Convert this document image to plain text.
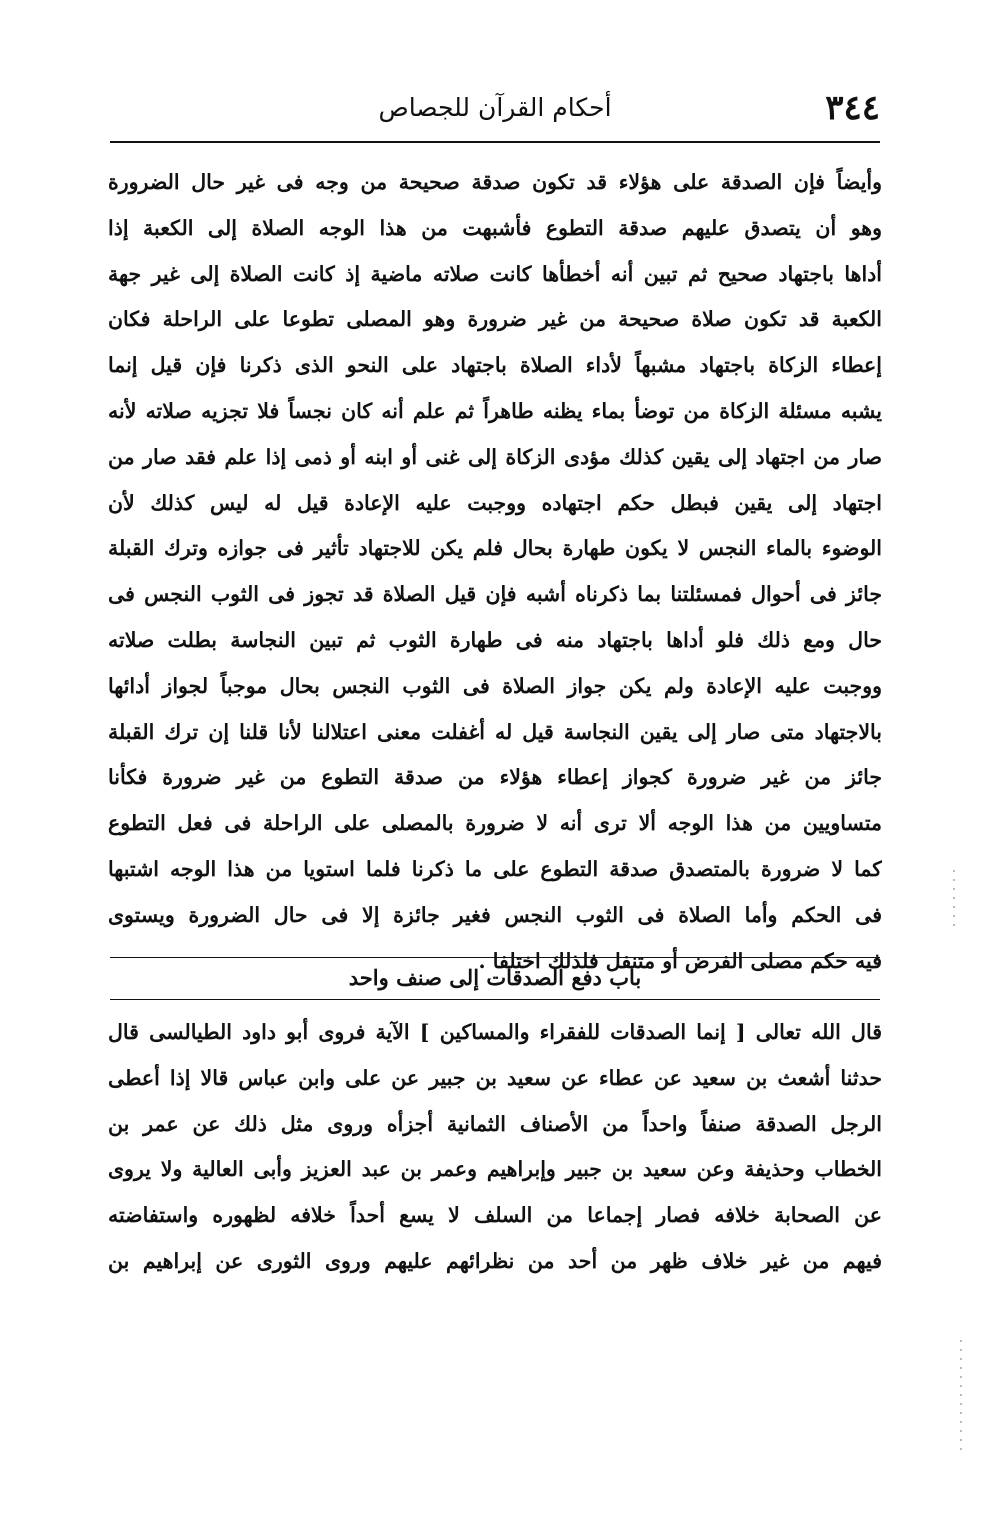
٣٤٤
أحكام القرآن للجصاص
وأيضاً فإن الصدقة على هؤلاء قد تكون صدقة صحيحة من وجه فى غير حال الضرورة
وهو أن يتصدق عليهم صدقة التطوع فأشبهت من هذا الوجه الصلاة إلى الكعبة إذا
أداها باجتهاد صحيح ثم تبين أنه أخطأها كانت صلاته ماضية إذ كانت الصلاة إلى غير جهة
الكعبة قد تكون صلاة صحيحة من غير ضرورة وهو المصلى تطوعا على الراحلة فكان
إعطاء الزكاة باجتهاد مشبهاً لأداء الصلاة باجتهاد على النحو الذى ذكرنا فإن قيل إنما
يشبه مسئلة الزكاة من توضأ بماء يظنه طاهراً ثم علم أنه كان نجساً فلا تجزيه صلاته لأنه
صار من اجتهاد إلى يقين كذلك مؤدى الزكاة إلى غنى أو ابنه أو ذمى إذا علم فقد صار من
اجتهاد إلى يقين فبطل حكم اجتهاده ووجبت عليه الإعادة قيل له ليس كذلك لأن
الوضوء بالماء النجس لا يكون طهارة بحال فلم يكن للاجتهاد تأثير فى جوازه وترك القبلة
جائز فى أحوال فمسئلتنا بما ذكرناه أشبه فإن قيل الصلاة قد تجوز فى الثوب النجس فى
حال ومع ذلك فلو أداها باجتهاد منه فى طهارة الثوب ثم تبين النجاسة بطلت صلاته
ووجبت عليه الإعادة ولم يكن جواز الصلاة فى الثوب النجس بحال موجباً لجواز أدائها
بالاجتهاد متى صار إلى يقين النجاسة قيل له أغفلت معنى اعتلالنا لأنا قلنا إن ترك القبلة
جائز من غير ضرورة كجواز إعطاء هؤلاء من صدقة التطوع من غير ضرورة فكأنا
متساويين من هذا الوجه ألا ترى أنه لا ضرورة بالمصلى على الراحلة فى فعل التطوع
كما لا ضرورة بالمتصدق صدقة التطوع على ما ذكرنا فلما استويا من هذا الوجه اشتبها
فى الحكم وأما الصلاة فى الثوب النجس فغير جائزة إلا فى حال الضرورة ويستوى
فيه حكم مصلى الفرض أو متنفل فلذلك اختلفا .
باب دفع الصدقات إلى صنف واحد
قال الله تعالى [ إنما الصدقات للفقراء والمساكين ] الآية فروى أبو داود الطيالسى قال
حدثنا أشعث بن سعيد عن عطاء عن سعيد بن جبير عن على وابن عباس قالا إذا أعطى
الرجل الصدقة صنفاً واحداً من الأصناف الثمانية أجزأه وروى مثل ذلك عن عمر بن
الخطاب وحذيفة وعن سعيد بن جبير وإبراهيم وعمر بن عبد العزيز وأبى العالية ولا يروى
عن الصحابة خلافه فصار إجماعا من السلف لا يسع أحداً خلافه لظهوره واستفاضته
فيهم من غير خلاف ظهر من أحد من نظرائهم عليهم وروى الثورى عن إبراهيم بن
